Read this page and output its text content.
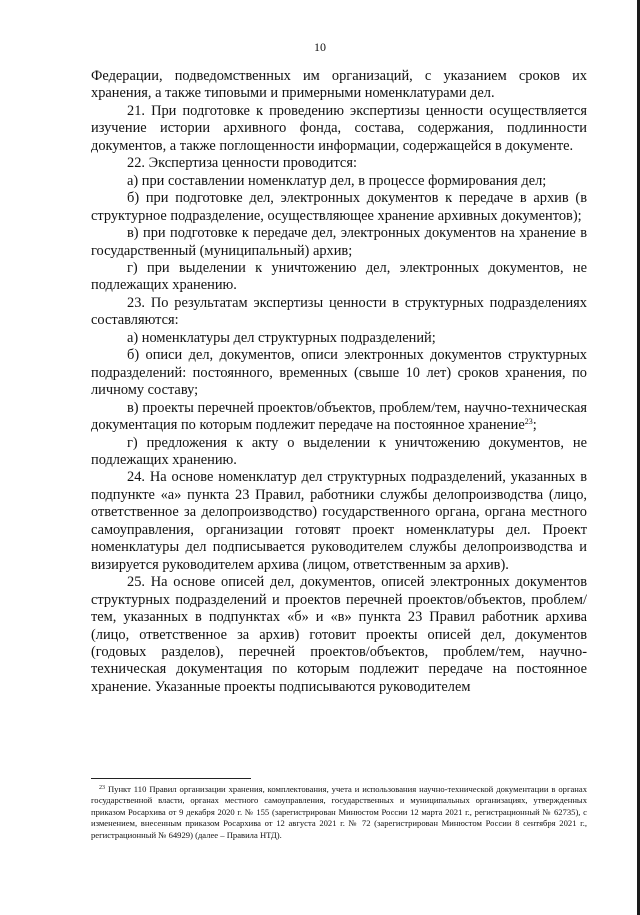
10

Федерации, подведомственных им организаций, с указанием сроков их хранения, а также типовыми и примерными номенклатурами дел.

21. При подготовке к проведению экспертизы ценности осуществляется изучение истории архивного фонда, состава, содержания, подлинности документов, а также поглощенности информации, содержащейся в документе.

22. Экспертиза ценности проводится:

а) при составлении номенклатур дел, в процессе формирования дел;

б) при подготовке дел, электронных документов к передаче в архив (в структурное подразделение, осуществляющее хранение архивных документов);

в) при подготовке к передаче дел, электронных документов на хранение в государственный (муниципальный) архив;

г) при выделении к уничтожению дел, электронных документов, не подлежащих хранению.

23. По результатам экспертизы ценности в структурных подразделениях составляются:

а) номенклатуры дел структурных подразделений;

б) описи дел, документов, описи электронных документов структурных подразделений: постоянного, временных (свыше 10 лет) сроков хранения, по личному составу;

в) проекты перечней проектов/объектов, проблем/тем, научно-техническая документация по которым подлежит передаче на постоянное хранение$^{23}$;

г) предложения к акту о выделении к уничтожению документов, не подлежащих хранению.

24. На основе номенклатур дел структурных подразделений, указанных в подпункте «а» пункта 23 Правил, работники службы делопроизводства (лицо, ответственное за делопроизводство) государственного органа, органа местного самоуправления, организации готовят проект номенклатуры дел. Проект номенклатуры дел подписывается руководителем службы делопроизводства и визируется руководителем архива (лицом, ответственным за архив).

25. На основе описей дел, документов, описей электронных документов структурных подразделений и проектов перечней проектов/объектов, проблем/тем, указанных в подпунктах «б» и «в» пункта 23 Правил работник архива (лицо, ответственное за архив) готовит проекты описей дел, документов (годовых разделов), перечней проектов/объектов, проблем/тем, научно-техническая документация по которым подлежит передаче на постоянное хранение. Указанные проекты подписываются руководителем

$^{23}$ Пункт 110 Правил организации хранения, комплектования, учета и использования научно-технической документации в органах государственной власти, органах местного самоуправления, государственных и муниципальных организациях, утвержденных приказом Росархива от 9 декабря 2020 г. № 155 (зарегистрирован Минюстом России 12 марта 2021 г., регистрационный № 62735), с изменением, внесенным приказом Росархива от 12 августа 2021 г. № 72 (зарегистрирован Минюстом России 8 сентября 2021 г., регистрационный № 64929) (далее – Правила НТД).
